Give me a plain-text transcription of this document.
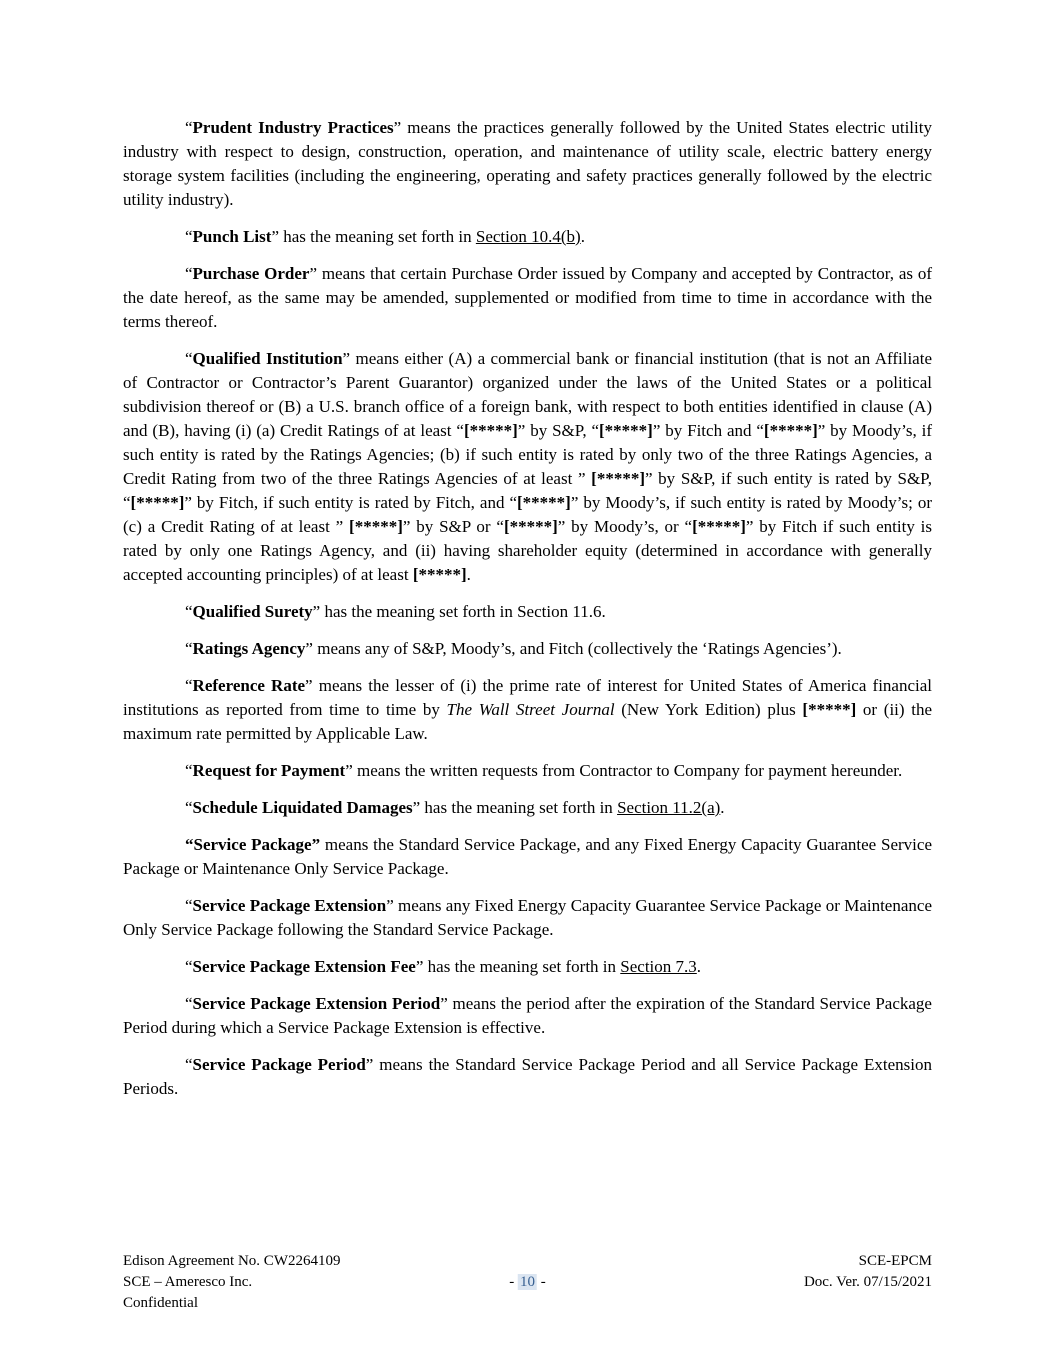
“Prudent Industry Practices” means the practices generally followed by the United States electric utility industry with respect to design, construction, operation, and maintenance of utility scale, electric battery energy storage system facilities (including the engineering, operating and safety practices generally followed by the electric utility industry).

“Punch List” has the meaning set forth in Section 10.4(b).

“Purchase Order” means that certain Purchase Order issued by Company and accepted by Contractor, as of the date hereof, as the same may be amended, supplemented or modified from time to time in accordance with the terms thereof.

“Qualified Institution” means either (A) a commercial bank or financial institution (that is not an Affiliate of Contractor or Contractor’s Parent Guarantor) organized under the laws of the United States or a political subdivision thereof or (B) a U.S. branch office of a foreign bank, with respect to both entities identified in clause (A) and (B), having (i) (a) Credit Ratings of at least “[*****]” by S&P, “[*****]” by Fitch and “[*****]” by Moody’s, if such entity is rated by the Ratings Agencies; (b) if such entity is rated by only two of the three Ratings Agencies, a Credit Rating from two of the three Ratings Agencies of at least ” [*****]” by S&P, if such entity is rated by S&P, “[*****]” by Fitch, if such entity is rated by Fitch, and “[*****]” by Moody’s, if such entity is rated by Moody’s; or (c) a Credit Rating of at least ” [*****]” by S&P or “[*****]” by Moody’s, or “[*****]” by Fitch if such entity is rated by only one Ratings Agency, and (ii) having shareholder equity (determined in accordance with generally accepted accounting principles) of at least [*****].

“Qualified Surety” has the meaning set forth in Section 11.6.

“Ratings Agency” means any of S&P, Moody’s, and Fitch (collectively the ‘Ratings Agencies’).

“Reference Rate” means the lesser of (i) the prime rate of interest for United States of America financial institutions as reported from time to time by The Wall Street Journal (New York Edition) plus [*****] or (ii) the maximum rate permitted by Applicable Law.

“Request for Payment” means the written requests from Contractor to Company for payment hereunder.

“Schedule Liquidated Damages” has the meaning set forth in Section 11.2(a).

“Service Package” means the Standard Service Package, and any Fixed Energy Capacity Guarantee Service Package or Maintenance Only Service Package.

“Service Package Extension” means any Fixed Energy Capacity Guarantee Service Package or Maintenance Only Service Package following the Standard Service Package.

“Service Package Extension Fee” has the meaning set forth in Section 7.3.

“Service Package Extension Period” means the period after the expiration of the Standard Service Package Period during which a Service Package Extension is effective.

“Service Package Period” means the Standard Service Package Period and all Service Package Extension Periods.

Edison Agreement No. CW2264109
SCE – Ameresco Inc.
Confidential
- 10 -
SCE-EPCM
Doc. Ver. 07/15/2021
